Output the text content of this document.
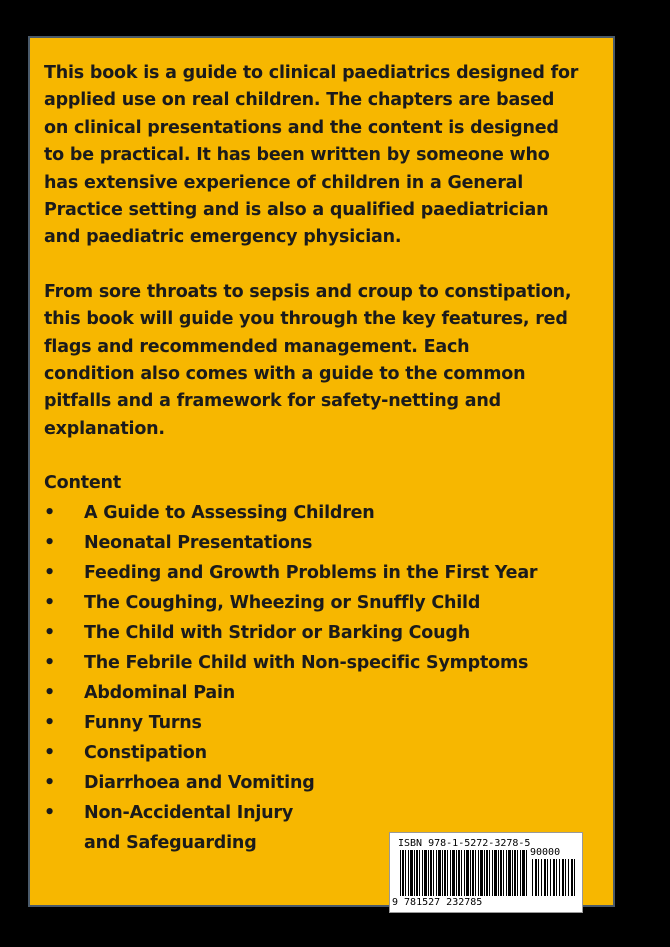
This book is a guide to clinical paediatrics designed for
applied use on real children. The chapters are based
on clinical presentations and the content is designed
to be practical. It has been written by someone who
has extensive experience of children in a General
Practice setting and is also a qualified paediatrician
and paediatric emergency physician.

From sore throats to sepsis and croup to constipation,
this book will guide you through the key features, red
flags and recommended management. Each
condition also comes with a guide to the common
pitfalls and a framework for safety-netting and
explanation.

Content

• A Guide to Assessing Children
• Neonatal Presentations
• Feeding and Growth Problems in the First Year
• The Coughing, Wheezing or Snuffly Child
• The Child with Stridor or Barking Cough
• The Febrile Child with Non-specific Symptoms
• Abdominal Pain
• Funny Turns
• Constipation
• Diarrhoea and Vomiting
• Non-Accidental Injury
and Safeguarding	ISBN 978-1-5272-3278-5
90000
9 781527 232785
